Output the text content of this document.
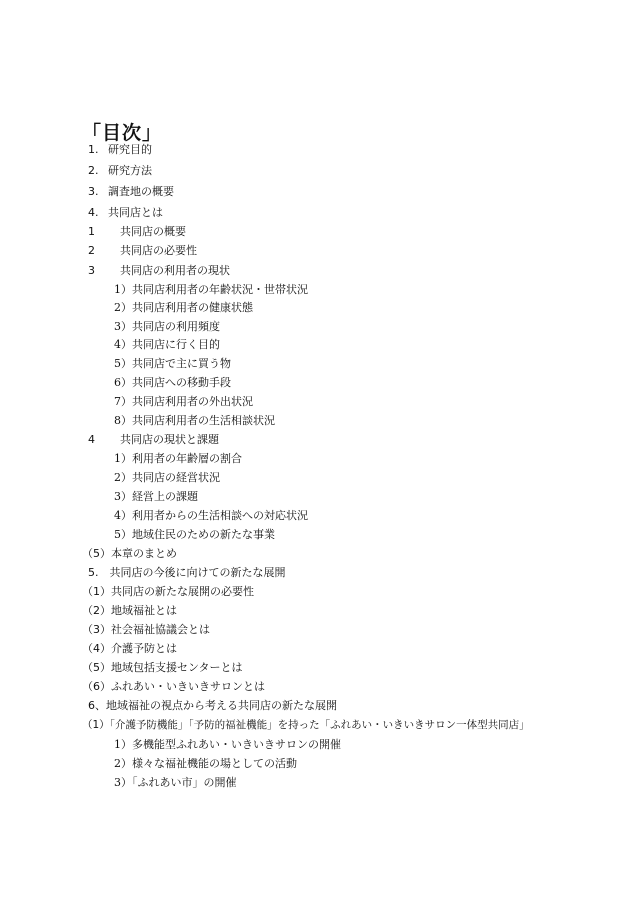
「目次」
1. 研究目的
2. 研究方法
3. 調査地の概要
4. 共同店とは
1 共同店の概要
2 共同店の必要性
3 共同店の利用者の現状
1）共同店利用者の年齢状況・世帯状況
2）共同店利用者の健康状態
3）共同店の利用頻度
4）共同店に行く目的
5）共同店で主に買う物
6）共同店への移動手段
7）共同店利用者の外出状況
8）共同店利用者の生活相談状況
4 共同店の現状と課題
1）利用者の年齢層の割合
2）共同店の経営状況
3）経営上の課題
4）利用者からの生活相談への対応状況
5）地域住民のための新たな事業
（5）本章のまとめ
5.　共同店の今後に向けての新たな展開
（1）共同店の新たな展開の必要性
（2）地域福祉とは
（3）社会福祉協議会とは
（4）介護予防とは
（5）地域包括支援センターとは
（6）ふれあい・いきいきサロンとは
6、地域福祉の視点から考える共同店の新たな展開
（1）「介護予防機能」「予防的福祉機能」を持った「ふれあい・いきいきサロン一体型共同店」
1）多機能型ふれあい・いきいきサロンの開催
2）様々な福祉機能の場としての活動
3）「ふれあい市」の開催
